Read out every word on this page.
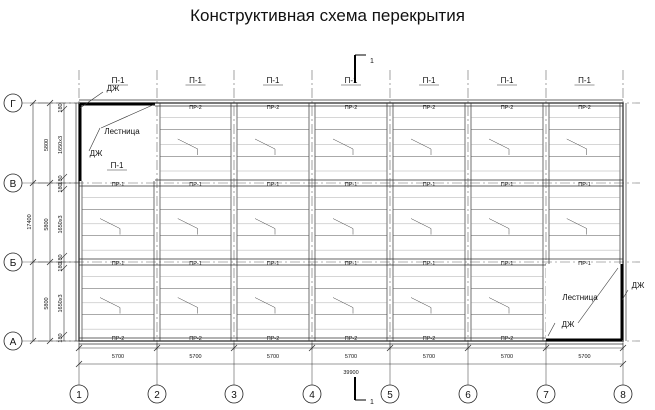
Конструктивная схема перекрытия
Лестница
Лестница
ДЖ
ДЖ
ДЖ
ДЖ
П-1
ПР-1
ПР-1
ПР-2
П-1
ПР-2
ПР-1
ПР-1
ПР-2
П-1
ПР-2
ПР-1
ПР-1
ПР-2
П-1
ПР-2
ПР-1
ПР-1
ПР-2
П-1
ПР-2
ПР-1
ПР-1
ПР-2
П-1
ПР-2
ПР-1
ПР-1
ПР-2
П-1
ПР-2
ПР-1
ПР-1
П-1
1
1
5700	5700	5700	5700	5700	5700	5700
39900
1	2	3	4	5	6	7	8
Г
В
Б
А
17400
5800 1650х3
180
180
5800 1650х3
180
180
5800 1650х3
180
180
